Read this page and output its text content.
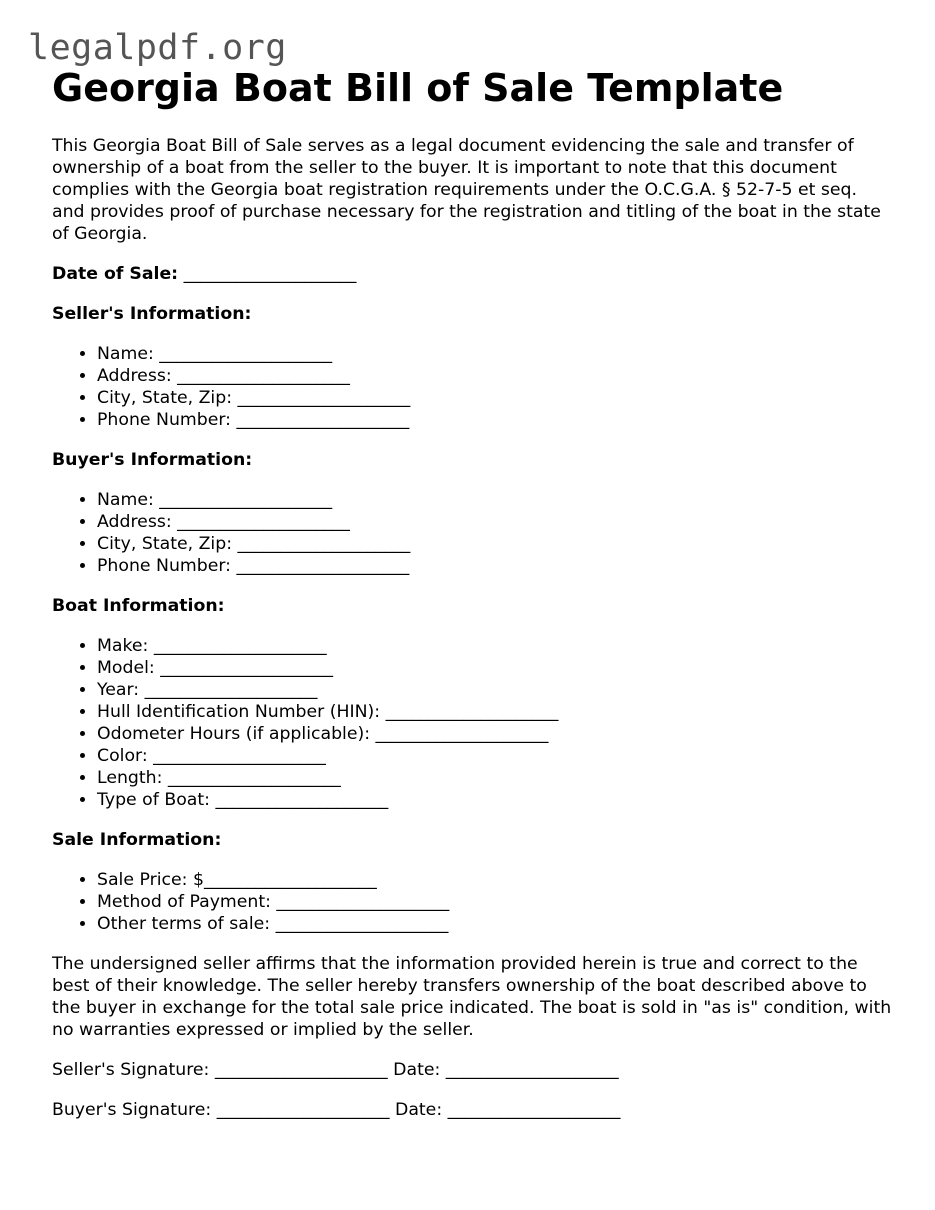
legalpdf.org
Georgia Boat Bill of Sale Template

This Georgia Boat Bill of Sale serves as a legal document evidencing the sale and transfer of ownership of a boat from the seller to the buyer. It is important to note that this document complies with the Georgia boat registration requirements under the O.C.G.A. § 52-7-5 et seq. and provides proof of purchase necessary for the registration and titling of the boat in the state of Georgia.

Date of Sale: ____________________

Seller's Information:

• Name: ____________________
• Address: ____________________
• City, State, Zip: ____________________
• Phone Number: ____________________

Buyer's Information:

• Name: ____________________
• Address: ____________________
• City, State, Zip: ____________________
• Phone Number: ____________________

Boat Information:

• Make: ____________________
• Model: ____________________
• Year: ____________________
• Hull Identification Number (HIN): ____________________
• Odometer Hours (if applicable): ____________________
• Color: ____________________
• Length: ____________________
• Type of Boat: ____________________

Sale Information:

• Sale Price: $____________________
• Method of Payment: ____________________
• Other terms of sale: ____________________

The undersigned seller affirms that the information provided herein is true and correct to the best of their knowledge. The seller hereby transfers ownership of the boat described above to the buyer in exchange for the total sale price indicated. The boat is sold in "as is" condition, with no warranties expressed or implied by the seller.

Seller's Signature: ____________________ Date: ____________________

Buyer's Signature: ____________________ Date: ____________________
